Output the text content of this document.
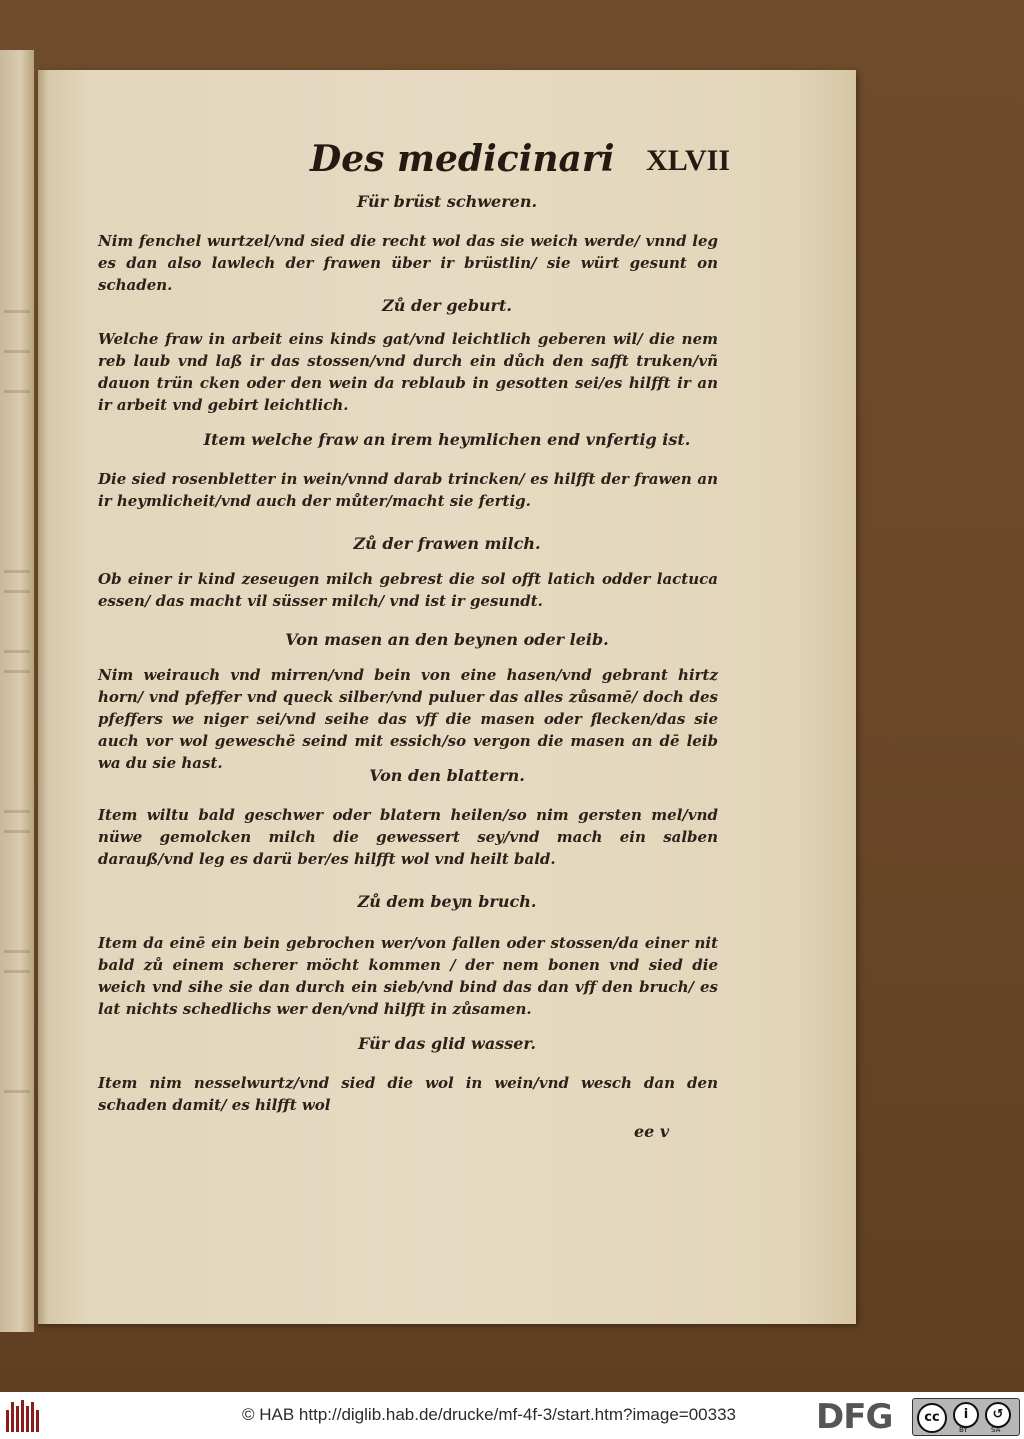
Des medicinari XLVII
Für brüst schweren.
Nim fenchel wurtzel/vnd sied die recht wol das sie weich werde/ vnnd leg es dan also lawlech der frawen über ir brüstlin/ sie würt gesunt on schaden.
Zů der geburt.
Welche fraw in arbeit eins kinds gat/vnd leichtlich geberen wil/ die nem reb laub vnd laß ir das stossen/vnd durch ein důch den safft truken/vñ dauon trün cken oder den wein da reblaub in gesotten sei/es hilfft ir an ir arbeit vnd gebirt leichtlich.
Item welche fraw an irem heymlichen end vnfertig ist.
Die sied rosenbletter in wein/vnnd darab trincken/ es hilfft der frawen an ir heymlicheit/vnd auch der můter/macht sie fertig.
Zů der frawen milch.
Ob einer ir kind zeseugen milch gebrest die sol offt latich odder lactuca essen/ das macht vil süsser milch/ vnd ist ir gesundt.
Von masen an den beynen oder leib.
Nim weirauch vnd mirren/vnd bein von eine hasen/vnd gebrant hirtz horn/ vnd pfeffer vnd queck silber/vnd puluer das alles zůsamē/ doch des pfeffers we niger sei/vnd seihe das vff die masen oder flecken/das sie auch vor wol geweschē seind mit essich/so vergon die masen an dē leib wa du sie hast.
Von den blattern.
Item wiltu bald geschwer oder blatern heilen/so nim gersten mel/vnd nüwe gemolcken milch die gewessert sey/vnd mach ein salben darauß/vnd leg es darü ber/es hilfft wol vnd heilt bald.
Zů dem beyn bruch.
Item da einē ein bein gebrochen wer/von fallen oder stossen/da einer nit bald zů einem scherer möcht kommen / der nem bonen vnd sied die weich vnd sihe sie dan durch ein sieb/vnd bind das dan vff den bruch/ es lat nichts schedlichs wer den/vnd hilfft in zůsamen.
Für das glid wasser.
Item nim nesselwurtz/vnd sied die wol in wein/vnd wesch dan den schaden damit/ es hilfft wol
ee v
© HAB http://diglib.hab.de/drucke/mf-4f-3/start.htm?image=00333 DFG	cc	i	↺
BY	SA
